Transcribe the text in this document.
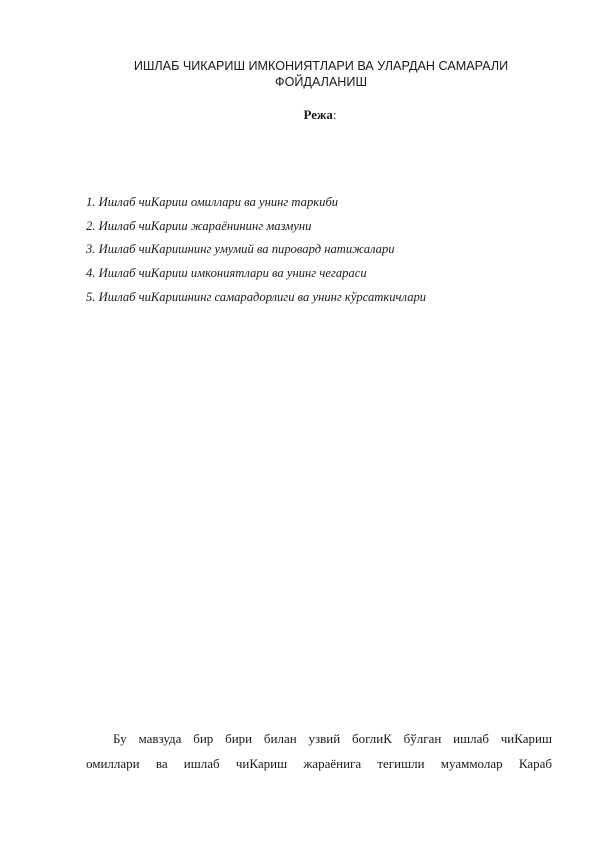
ИШЛАБ ЧИКАРИШ ИМКОНИЯТЛАРИ ВА УЛАРДАН САМАРАЛИ ФОЙДАЛАНИШ
Режа:
1. Ишлаб чиКариш омиллари ва унинг таркиби
2. Ишлаб чиКариш жараёнининг мазмуни
3. Ишлаб чиКаришнинг умумий ва пировард натижалари
4. Ишлаб чиКариш имкониятлари ва унинг чегараси
5. Ишлаб чиКаришнинг самарадорлиги ва унинг кўрсаткичлари
Бу мавзуда бир бири билан узвий боглиК бўлган ишлаб чиКариш
омиллари ва ишлаб чиКариш жараёнига тегишли муаммолар Караб
